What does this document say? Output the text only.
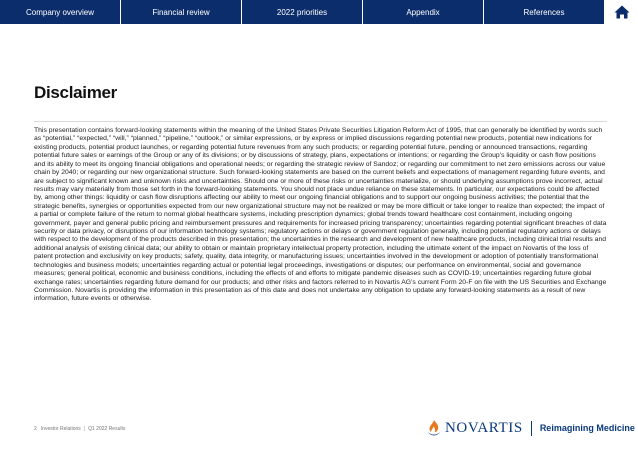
Company overview	Financial review	2022 priorities	Appendix	References
Disclaimer

This presentation contains forward-looking statements within the meaning of the United States Private Securities Litigation Reform Act of 1995, that can generally be identified by words such as “potential,” “expected,” “will,” “planned,” “pipeline,” “outlook,” or similar expressions, or by express or implied discussions regarding potential new products, potential new indications for existing products, potential product launches, or regarding potential future revenues from any such products; or regarding potential future, pending or announced transactions, regarding potential future sales or earnings of the Group or any of its divisions; or by discussions of strategy, plans, expectations or intentions; or regarding the Group’s liquidity or cash flow positions and its ability to meet its ongoing financial obligations and operational needs; or regarding the strategic review of Sandoz; or regarding our commitment to net zero emissions across our value chain by 2040; or regarding our new organizational structure. Such forward-looking statements are based on the current beliefs and expectations of management regarding future events, and are subject to significant known and unknown risks and uncertainties. Should one or more of these risks or uncertainties materialize, or should underlying assumptions prove incorrect, actual results may vary materially from those set forth in the forward-looking statements. You should not place undue reliance on these statements. In particular, our expectations could be affected by, among other things: liquidity or cash flow disruptions affecting our ability to meet our ongoing financial obligations and to support our ongoing business activities; the potential that the strategic benefits, synergies or opportunities expected from our new organizational structure may not be realized or may be more difficult or take longer to realize than expected; the impact of a partial or complete failure of the return to normal global healthcare systems, including prescription dynamics; global trends toward healthcare cost containment, including ongoing government, payer and general public pricing and reimbursement pressures and requirements for increased pricing transparency; uncertainties regarding potential significant breaches of data security or data privacy, or disruptions of our information technology systems; regulatory actions or delays or government regulation generally, including potential regulatory actions or delays with respect to the development of the products described in this presentation; the uncertainties in the research and development of new healthcare products, including clinical trial results and additional analysis of existing clinical data; our ability to obtain or maintain proprietary intellectual property protection, including the ultimate extent of the impact on Novartis of the loss of patent protection and exclusivity on key products; safety, quality, data integrity, or manufacturing issues; uncertainties involved in the development or adoption of potentially transformational technologies and business models; uncertainties regarding actual or potential legal proceedings, investigations or disputes; our performance on environmental, social and governance measures; general political, economic and business conditions, including the effects of and efforts to mitigate pandemic diseases such as COVID-19; uncertainties regarding future global exchange rates; uncertainties regarding future demand for our products; and other risks and factors referred to in Novartis AG’s current Form 20-F on file with the US Securities and Exchange Commission. Novartis is providing the information in this presentation as of this date and does not undertake any obligation to update any forward-looking statements as a result of new information, future events or otherwise.

2 Investor Relations | Q1 2022 Results	NOVARTIS Reimagining Medicine
